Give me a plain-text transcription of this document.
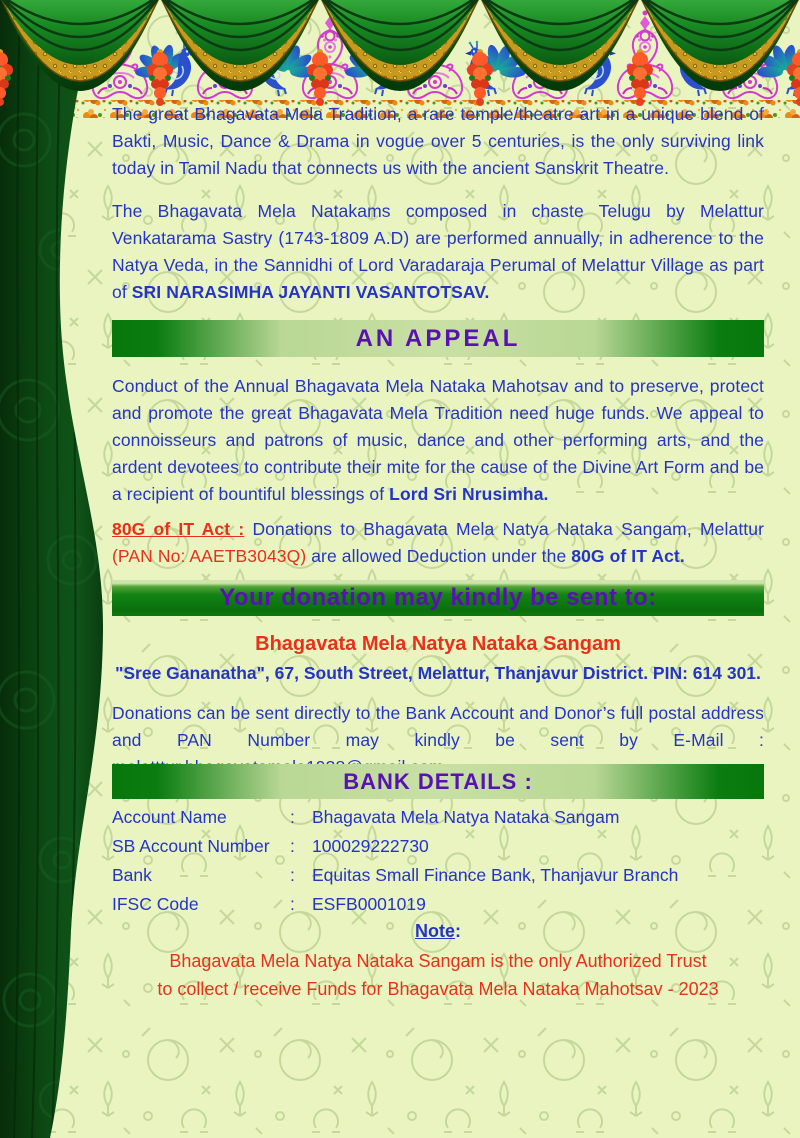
The great Bhagavata Mela Tradition, a rare temple/theatre art in a unique blend of Bakti, Music, Dance & Drama in vogue over 5 centuries, is the only surviving link today in Tamil Nadu that connects us with the ancient Sanskrit Theatre.

The Bhagavata Mela Natakams composed in chaste Telugu by Melattur Venkatarama Sastry (1743-1809 A.D) are performed annually, in adherence to the Natya Veda, in the Sannidhi of Lord Varadaraja Perumal of Melattur Village as part of SRI NARASIMHA JAYANTI VASANTOTSAV.

AN APPEAL

Conduct of the Annual Bhagavata Mela Nataka Mahotsav and to preserve, protect and promote the great Bhagavata Mela Tradition need huge funds. We appeal to connoisseurs and patrons of music, dance and other performing arts, and the ardent devotees to contribute their mite for the cause of the Divine Art Form and be a recipient of bountiful blessings of Lord Sri Nrusimha.

80G of IT Act : Donations to Bhagavata Mela Natya Nataka Sangam, Melattur (PAN No: AAETB3043Q) are allowed Deduction under the 80G of IT Act.

Your donation may kindly be sent to:
Bhagavata Mela Natya Nataka Sangam
"Sree Gananatha", 67, South Street, Melattur, Thanjavur District. PIN: 614 301.

Donations can be sent directly to the Bank Account and Donor’s full postal address and PAN Number may kindly be sent by E-Mail :

BANK DETAILS :
Account Name	: Bhagavata Mela Natya Nataka Sangam
SB Account Number	: 100029222730
Bank	: Equitas Small Finance Bank, Thanjavur Branch
IFSC Code	: ESFB0001019
Note:
Bhagavata Mela Natya Nataka Sangam is the only Authorized Trust
to collect / receive Funds for Bhagavata Mela Nataka Mahotsav - 2023
